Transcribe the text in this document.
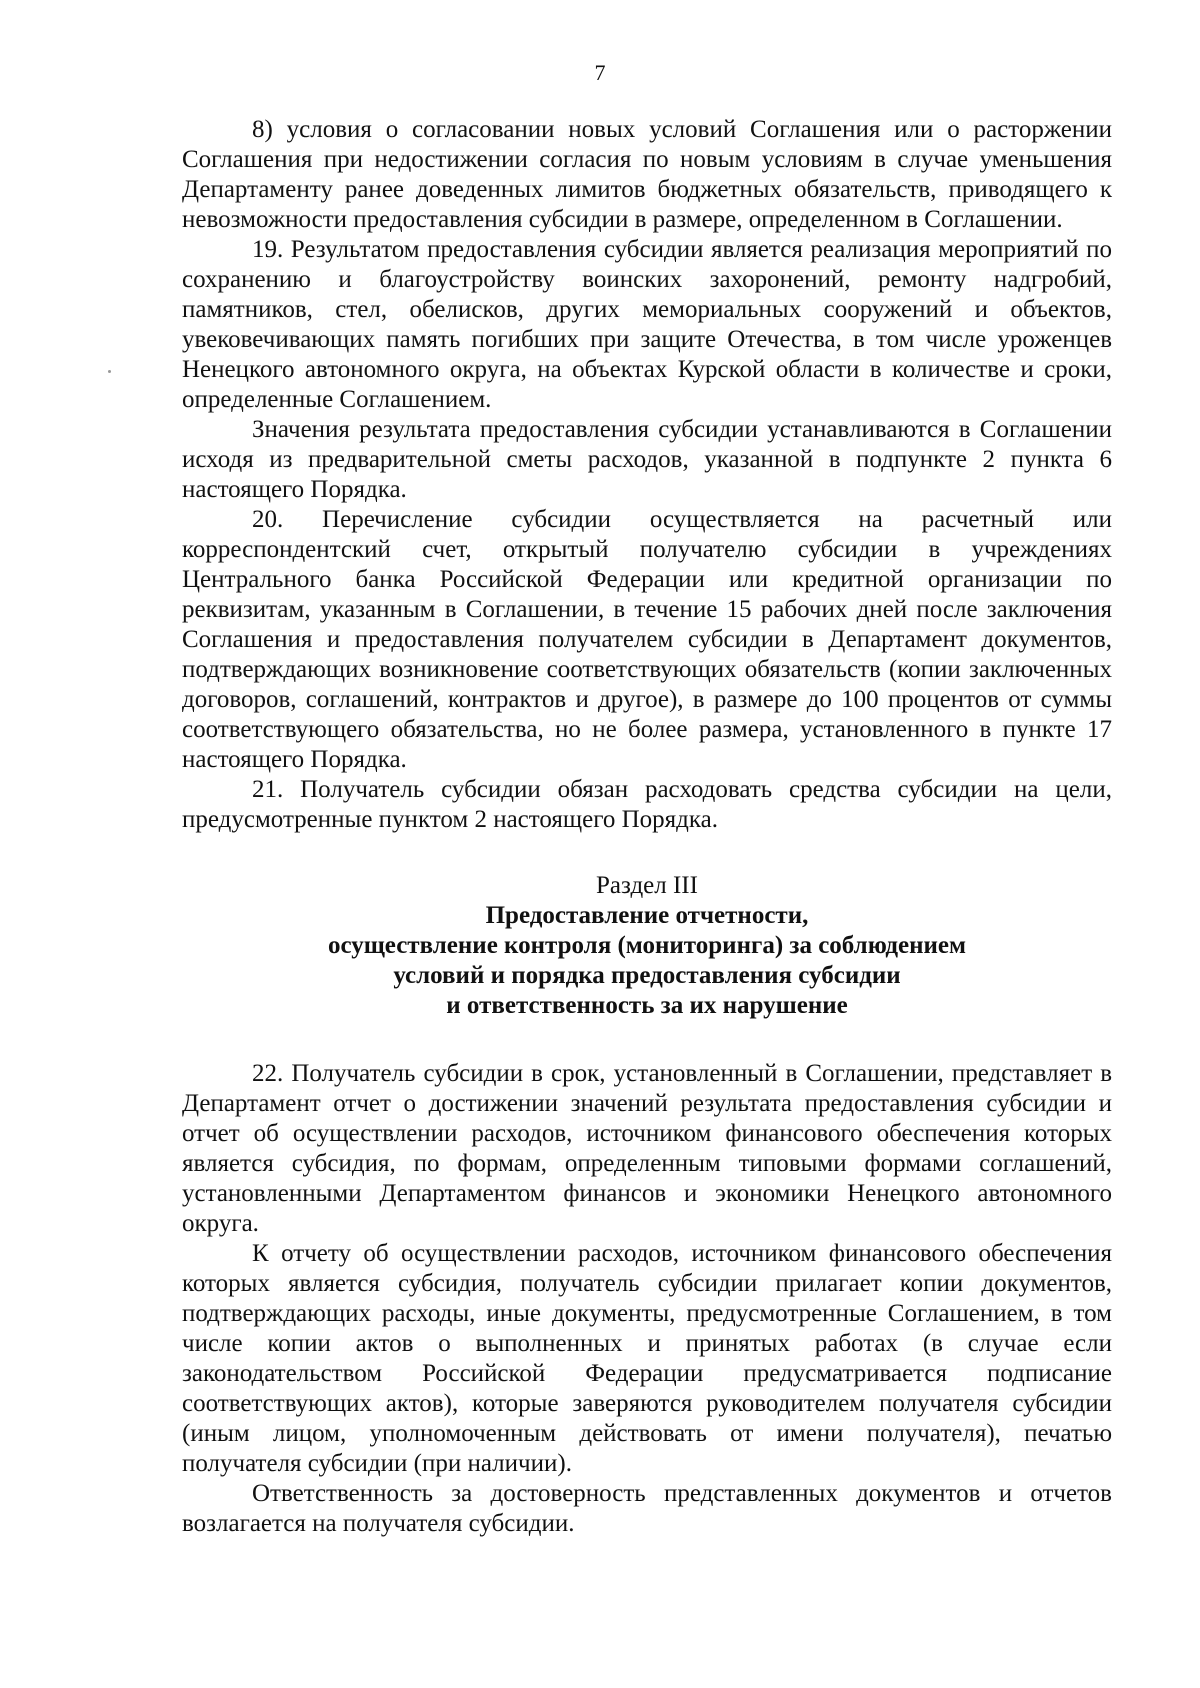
7

8) условия о согласовании новых условий Соглашения или о расторжении Соглашения при недостижении согласия по новым условиям в случае уменьшения Департаменту ранее доведенных лимитов бюджетных обязательств, приводящего к невозможности предоставления субсидии в размере, определенном в Соглашении.

19. Результатом предоставления субсидии является реализация мероприятий по сохранению и благоустройству воинских захоронений, ремонту надгробий, памятников, стел, обелисков, других мемориальных сооружений и объектов, увековечивающих память погибших при защите Отечества, в том числе уроженцев Ненецкого автономного округа, на объектах Курской области в количестве и сроки, определенные Соглашением.

Значения результата предоставления субсидии устанавливаются в Соглашении исходя из предварительной сметы расходов, указанной в подпункте 2 пункта 6 настоящего Порядка.

20. Перечисление субсидии осуществляется на расчетный или корреспондентский счет, открытый получателю субсидии в учреждениях Центрального банка Российской Федерации или кредитной организации по реквизитам, указанным в Соглашении, в течение 15 рабочих дней после заключения Соглашения и предоставления получателем субсидии в Департамент документов, подтверждающих возникновение соответствующих обязательств (копии заключенных договоров, соглашений, контрактов и другое), в размере до 100 процентов от суммы соответствующего обязательства, но не более размера, установленного в пункте 17 настоящего Порядка.

21. Получатель субсидии обязан расходовать средства субсидии на цели, предусмотренные пунктом 2 настоящего Порядка.

Раздел III

Предоставление отчетности,
осуществление контроля (мониторинга) за соблюдением
условий и порядка предоставления субсидии
и ответственность за их нарушение

22. Получатель субсидии в срок, установленный в Соглашении, представляет в Департамент отчет о достижении значений результата предоставления субсидии и отчет об осуществлении расходов, источником финансового обеспечения которых является субсидия, по формам, определенным типовыми формами соглашений, установленными Департаментом финансов и экономики Ненецкого автономного округа.

К отчету об осуществлении расходов, источником финансового обеспечения которых является субсидия, получатель субсидии прилагает копии документов, подтверждающих расходы, иные документы, предусмотренные Соглашением, в том числе копии актов о выполненных и принятых работах (в случае если законодательством Российской Федерации предусматривается подписание соответствующих актов), которые заверяются руководителем получателя субсидии (иным лицом, уполномоченным действовать от имени получателя), печатью получателя субсидии (при наличии).

Ответственность за достоверность представленных документов и отчетов возлагается на получателя субсидии.
